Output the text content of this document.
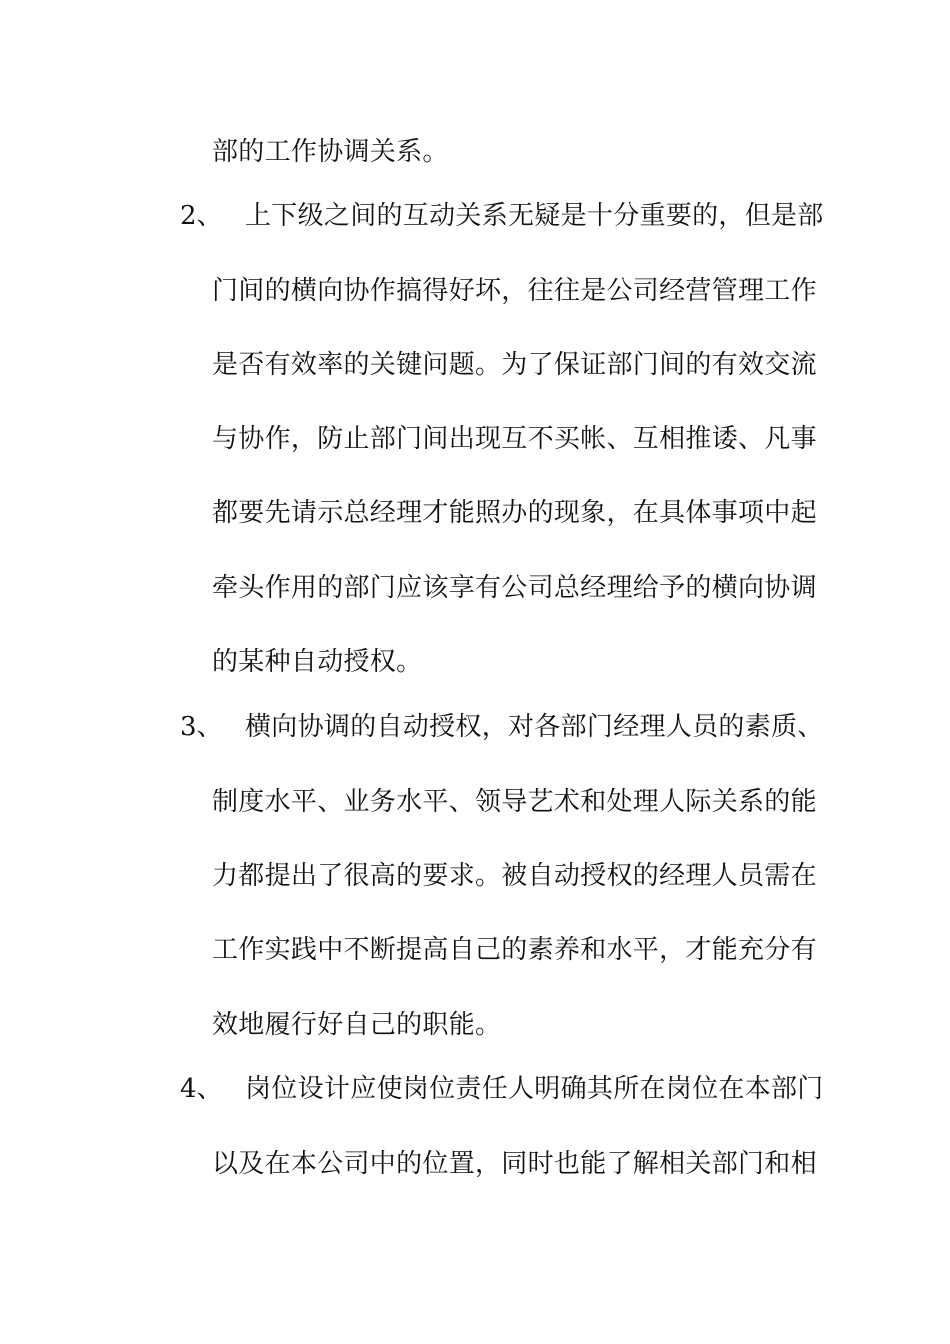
部的工作协调关系。
2、 上下级之间的互动关系无疑是十分重要的，但是部
门间的横向协作搞得好坏，往往是公司经营管理工作
是否有效率的关键问题。为了保证部门间的有效交流
与协作，防止部门间出现互不买帐、互相推诿、凡事
都要先请示总经理才能照办的现象，在具体事项中起
牵头作用的部门应该享有公司总经理给予的横向协调
的某种自动授权。
3、 横向协调的自动授权，对各部门经理人员的素质、
制度水平、业务水平、领导艺术和处理人际关系的能
力都提出了很高的要求。被自动授权的经理人员需在
工作实践中不断提高自己的素养和水平，才能充分有
效地履行好自己的职能。
4、 岗位设计应使岗位责任人明确其所在岗位在本部门
以及在本公司中的位置，同时也能了解相关部门和相
